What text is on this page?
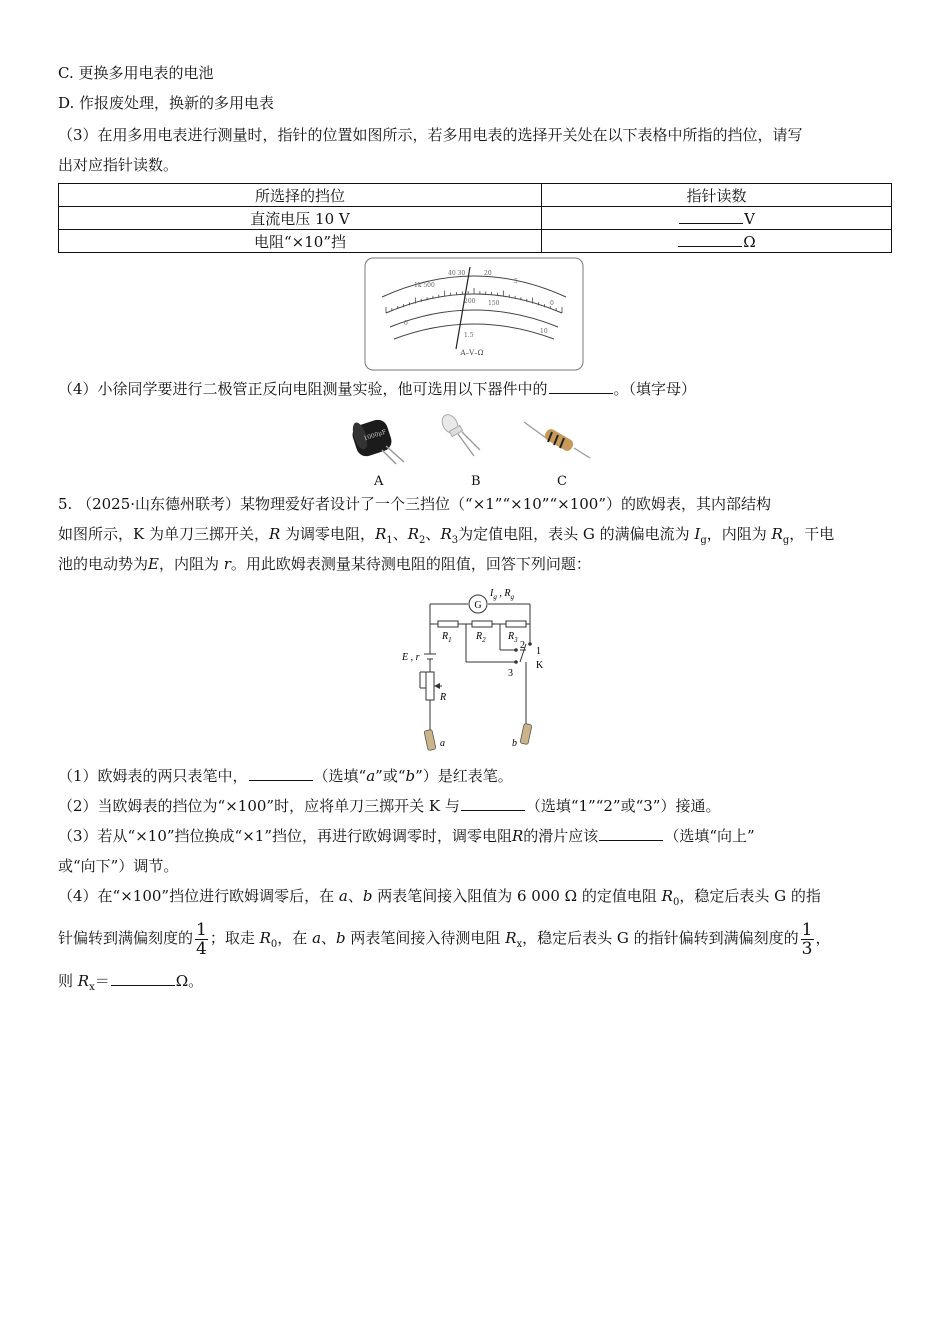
C. 更换多用电表的电池
D. 作报废处理，换新的多用电表
（3）在用多用电表进行测量时，指针的位置如图所示，若多用电表的选择开关处在以下表格中所指的挡位，请写
出对应指针读数。
所选择的挡位	指针读数
直流电压 10 V	V
电阻“×10”挡	Ω
A–V–Ω
1k 500
40 30	20
5
0
200 150
0
10
1.5
（4）小徐同学要进行二极管正反向电阻测量实验，他可选用以下器件中的	。（填字母）
1000μF
A	B	C
5. （2025·山东德州联考）某物理爱好者设计了一个三挡位（“×1”“×10”“×100”）的欧姆表，其内部结构
如图所示，K 为单刀三掷开关，R 为调零电阻，$R_1$、$R_2$、$R_3$为定值电阻，表头 G 的满偏电流为 $I_g$，内阻为 $R_g$，干电
池的电动势为E，内阻为 r。用此欧姆表测量某待测电阻的阻值，回答下列问题：
G
$I_g$ , $R_g$
$R_1$ $R_2$ $R_3$
E , r
R
1
2
3
K
a	b
（1）欧姆表的两只表笔中，	（选填“a”或“b”）是红表笔。
（2）当欧姆表的挡位为“×100”时，应将单刀三掷开关 K 与	（选填“1”“2”或“3”）接通。
（3）若从“×10”挡位换成“×1”挡位，再进行欧姆调零时，调零电阻R的滑片应该	（选填“向上”
或“向下”）调节。
（4）在“×100”挡位进行欧姆调零后，在 a、b 两表笔间接入阻值为 6 000 Ω 的定值电阻 $R_0$，稳定后表头 G 的指
针偏转到满偏刻度的 $\frac{1}{4}$ ；取走 $R_0$，在 a、b 两表笔间接入待测电阻 $R_x$，稳定后表头 G 的指针偏转到满偏刻度的 $\frac{1}{3}$ ，
则 $R_x=$	Ω。
